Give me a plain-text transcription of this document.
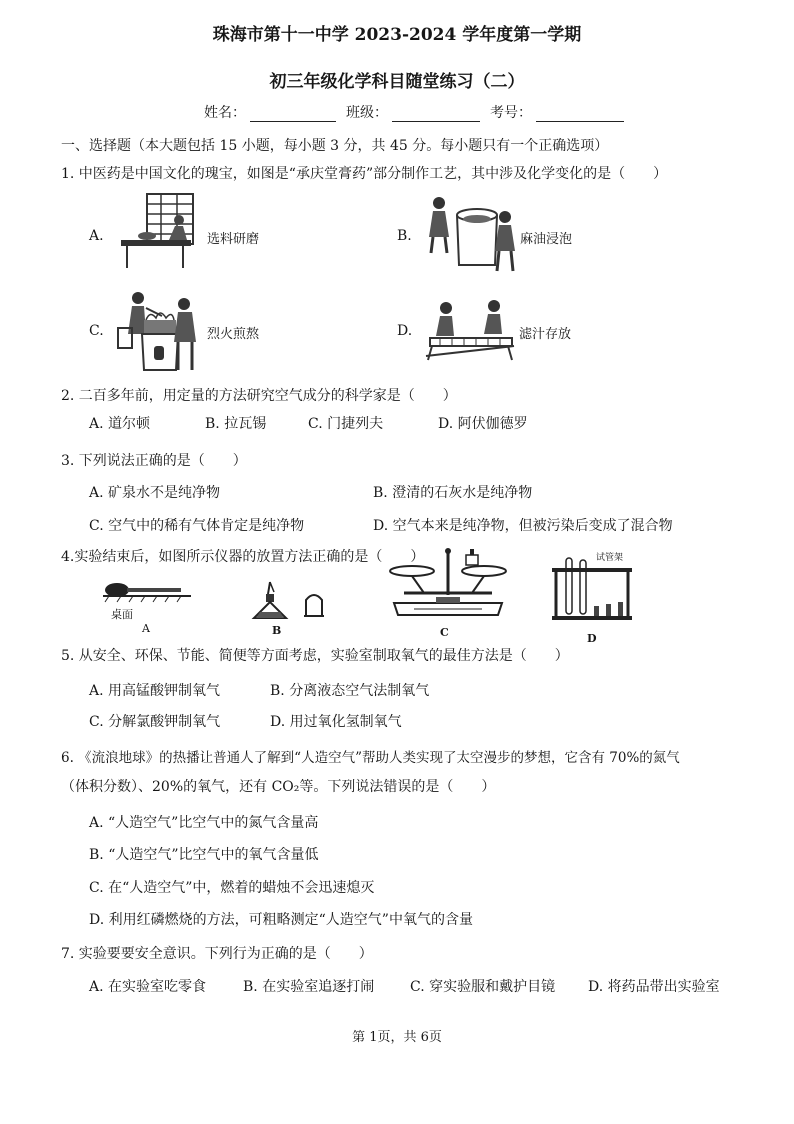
珠海市第十一中学 2023-2024 学年度第一学期
初三年级化学科目随堂练习（二）
姓名：	班级：	考号：
一、选择题（本大题包括 15 小题，每小题 3 分，共 45 分。每小题只有一个正确选项）
1. 中医药是中国文化的瑰宝，如图是“承庆堂膏药”部分制作工艺，其中涉及化学变化的是（　　）
A.	选料研磨	B.	麻油浸泡
C.	烈火煎熬	D.	滤汁存放
2. 二百多年前，用定量的方法研究空气成分的科学家是（　　）
A. 道尔顿	B. 拉瓦锡	C. 门捷列夫	D. 阿伏伽德罗
3. 下列说法正确的是（　　）
A. 矿泉水不是纯净物	B. 澄清的石灰水是纯净物
C. 空气中的稀有气体肯定是纯净物	D. 空气本来是纯净物，但被污染后变成了混合物
4.实验结束后，如图所示仪器的放置方法正确的是（　　）
桌面
A	B	C
试管架
D
5. 从安全、环保、节能、简便等方面考虑，实验室制取氧气的最佳方法是（　　）
A. 用高锰酸钾制氧气	B. 分离液态空气法制氧气
C. 分解氯酸钾制氧气	D. 用过氧化氢制氧气
6. 《流浪地球》的热播让普通人了解到“人造空气”帮助人类实现了太空漫步的梦想，它含有 70%的氮气
（体积分数）、20%的氧气，还有 CO₂等。下列说法错误的是（　　）
A. “人造空气”比空气中的氮气含量高
B. “人造空气”比空气中的氧气含量低
C. 在“人造空气”中，燃着的蜡烛不会迅速熄灭
D. 利用红磷燃烧的方法，可粗略测定“人造空气”中氧气的含量
7. 实验要要安全意识。下列行为正确的是（　　）
A. 在实验室吃零食	B. 在实验室追逐打闹	C. 穿实验服和戴护目镜 D. 将药品带出实验室
第 1页，共 6页
